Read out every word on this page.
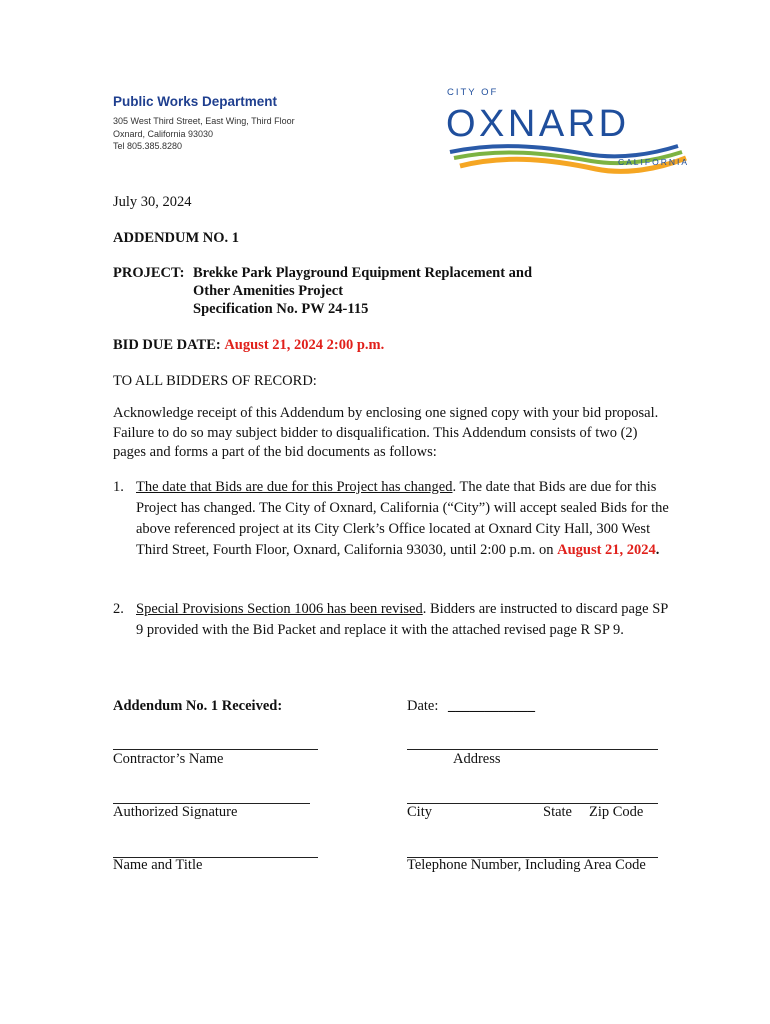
Public Works Department
305 West Third Street, East Wing, Third Floor
Oxnard, California 93030
Tel 805.385.8280
CITY OF
OXNARD
CALIFORNIA
July 30, 2024
ADDENDUM NO. 1
PROJECT: Brekke Park Playground Equipment Replacement and
Other Amenities Project
Specification No. PW 24-115
BID DUE DATE: August 21, 2024 2:00 p.m.
TO ALL BIDDERS OF RECORD:
Acknowledge receipt of this Addendum by enclosing one signed copy with your bid proposal. Failure to do so may subject bidder to disqualification. This Addendum consists of two (2) pages and forms a part of the bid documents as follows:
1. The date that Bids are due for this Project has changed. The date that Bids are due for this Project has changed. The City of Oxnard, California (“City”) will accept sealed Bids for the above referenced project at its City Clerk’s Office located at Oxnard City Hall, 300 West Third Street, Fourth Floor, Oxnard, California 93030, until 2:00 p.m. on August 21, 2024.
2. Special Provisions Section 1006 has been revised. Bidders are instructed to discard page SP 9 provided with the Bid Packet and replace it with the attached revised page R SP 9.
Addendum No. 1 Received:	Date: ____________
Contractor’s Name	Address
Authorized Signature	City	State Zip Code
Name and Title	Telephone Number, Including Area Code
